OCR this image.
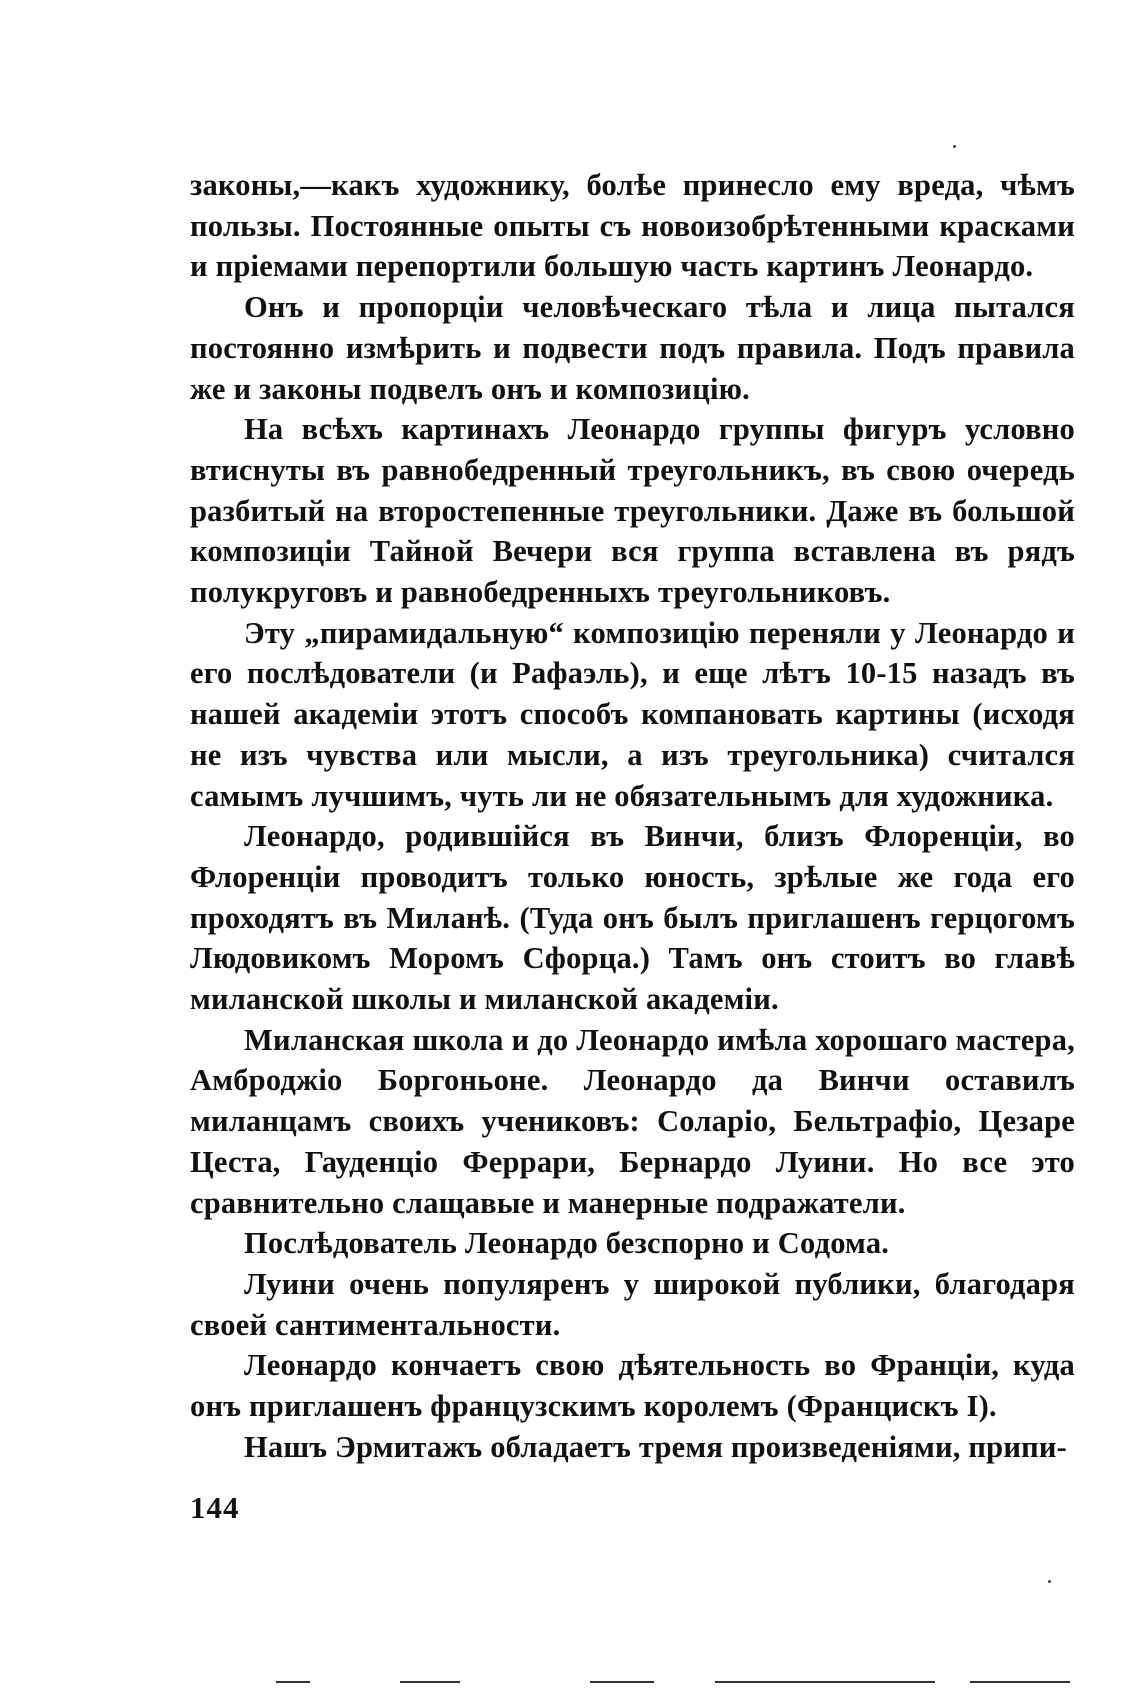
законы,—какъ художнику, болѣе принесло ему вреда, чѣмъ пользы. Постоянные опыты съ новоизобрѣтенными красками и пріемами перепортили большую часть картинъ Леонардо.

Онъ и пропорціи человѣческаго тѣла и лица пытался постоянно измѣрить и подвести подъ правила. Подъ правила же и законы подвелъ онъ и композицію.

На всѣхъ картинахъ Леонардо группы фигуръ условно втиснуты въ равнобедренный треугольникъ, въ свою очередь разбитый на второстепенные треугольники. Даже въ большой композиціи Тайной Вечери вся группа вставлена въ рядъ полукруговъ и равнобедренныхъ треугольниковъ.

Эту „пирамидальную“ композицію переняли у Леонардо и его послѣдователи (и Рафаэль), и еще лѣтъ 10-15 назадъ въ нашей академіи этотъ способъ компановать картины (исходя не изъ чувства или мысли, а изъ треугольника) считался самымъ лучшимъ, чуть ли не обязательнымъ для художника.

Леонардо, родившійся въ Винчи, близъ Флоренціи, во Флоренціи проводитъ только юность, зрѣлые же года его проходятъ въ Миланѣ. (Туда онъ былъ приглашенъ герцогомъ Людовикомъ Моромъ Сфорца.) Тамъ онъ стоитъ во главѣ миланской школы и миланской академіи.

Миланская школа и до Леонардо имѣла хорошаго мастера, Амброджіо Боргоньоне. Леонардо да Винчи оставилъ миланцамъ своихъ учениковъ: Соларіо, Бельтрафіо, Цезаре Цеста, Гауденціо Феррари, Бернардо Луини. Но все это сравнительно слащавые и манерные подражатели.

Послѣдователь Леонардо безспорно и Содома.

Луини очень популяренъ у широкой публики, благодаря своей сантиментальности.

Леонардо кончаетъ свою дѣятельность во Франціи, куда онъ приглашенъ французскимъ королемъ (Францискъ I).

Нашъ Эрмитажъ обладаетъ тремя произведеніями, припи-

144
